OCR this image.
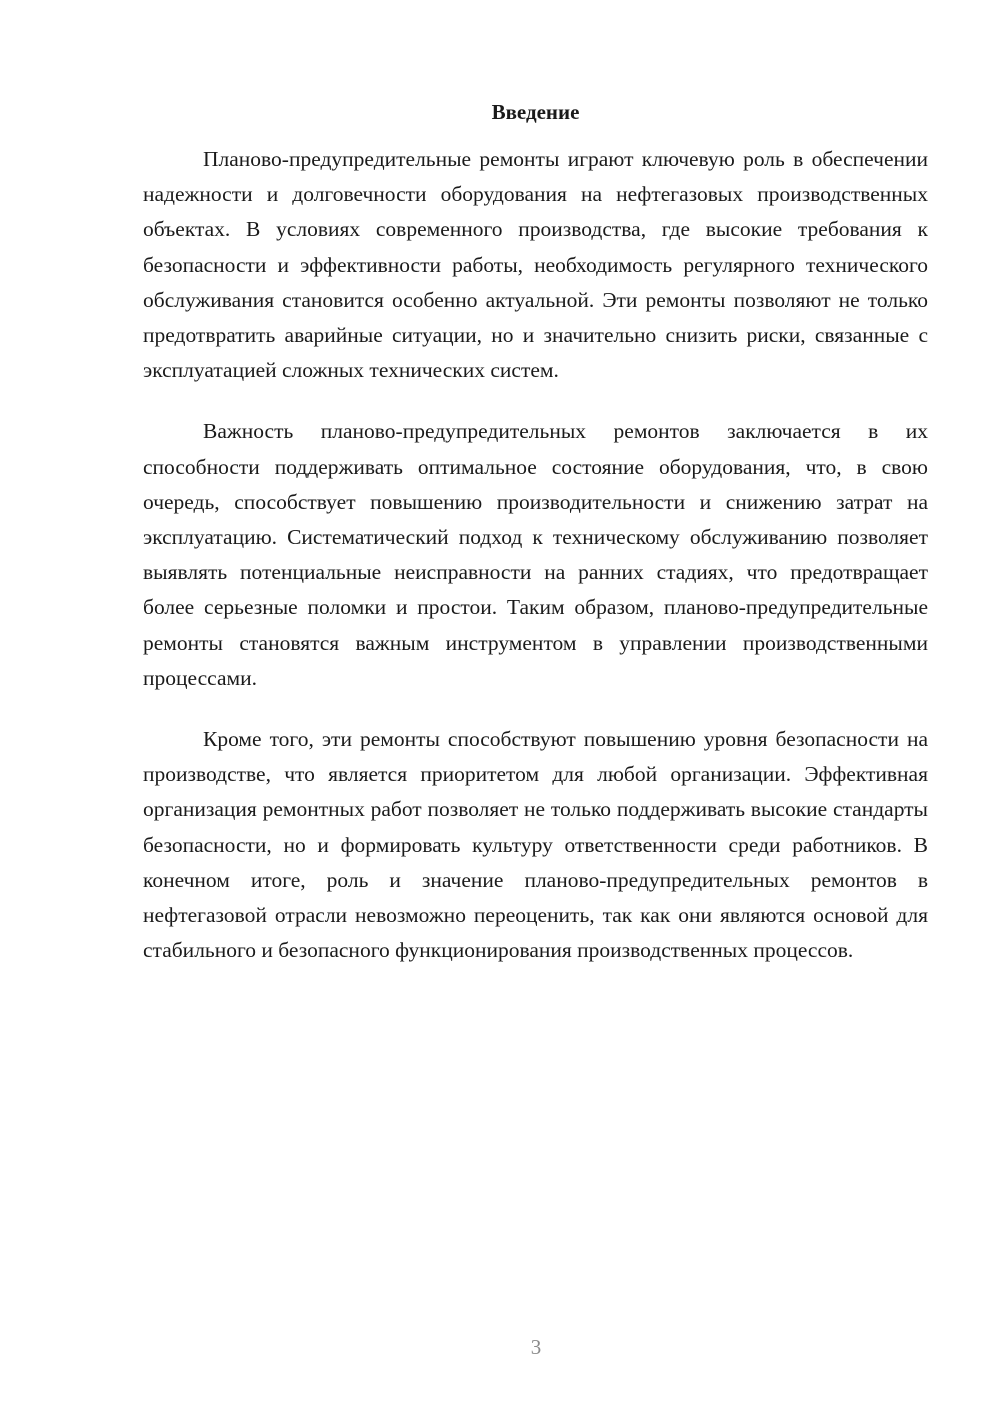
Введение

Планово-предупредительные ремонты играют ключевую роль в обеспечении надежности и долговечности оборудования на нефтегазовых производственных объектах. В условиях современного производства, где высокие требования к безопасности и эффективности работы, необходимость регулярного технического обслуживания становится особенно актуальной. Эти ремонты позволяют не только предотвратить аварийные ситуации, но и значительно снизить риски, связанные с эксплуатацией сложных технических систем.

Важность планово-предупредительных ремонтов заключается в их способности поддерживать оптимальное состояние оборудования, что, в свою очередь, способствует повышению производительности и снижению затрат на эксплуатацию. Систематический подход к техническому обслуживанию позволяет выявлять потенциальные неисправности на ранних стадиях, что предотвращает более серьезные поломки и простои. Таким образом, планово-предупредительные ремонты становятся важным инструментом в управлении производственными процессами.

Кроме того, эти ремонты способствуют повышению уровня безопасности на производстве, что является приоритетом для любой организации. Эффективная организация ремонтных работ позволяет не только поддерживать высокие стандарты безопасности, но и формировать культуру ответственности среди работников. В конечном итоге, роль и значение планово-предупредительных ремонтов в нефтегазовой отрасли невозможно переоценить, так как они являются основой для стабильного и безопасного функционирования производственных процессов.

3
